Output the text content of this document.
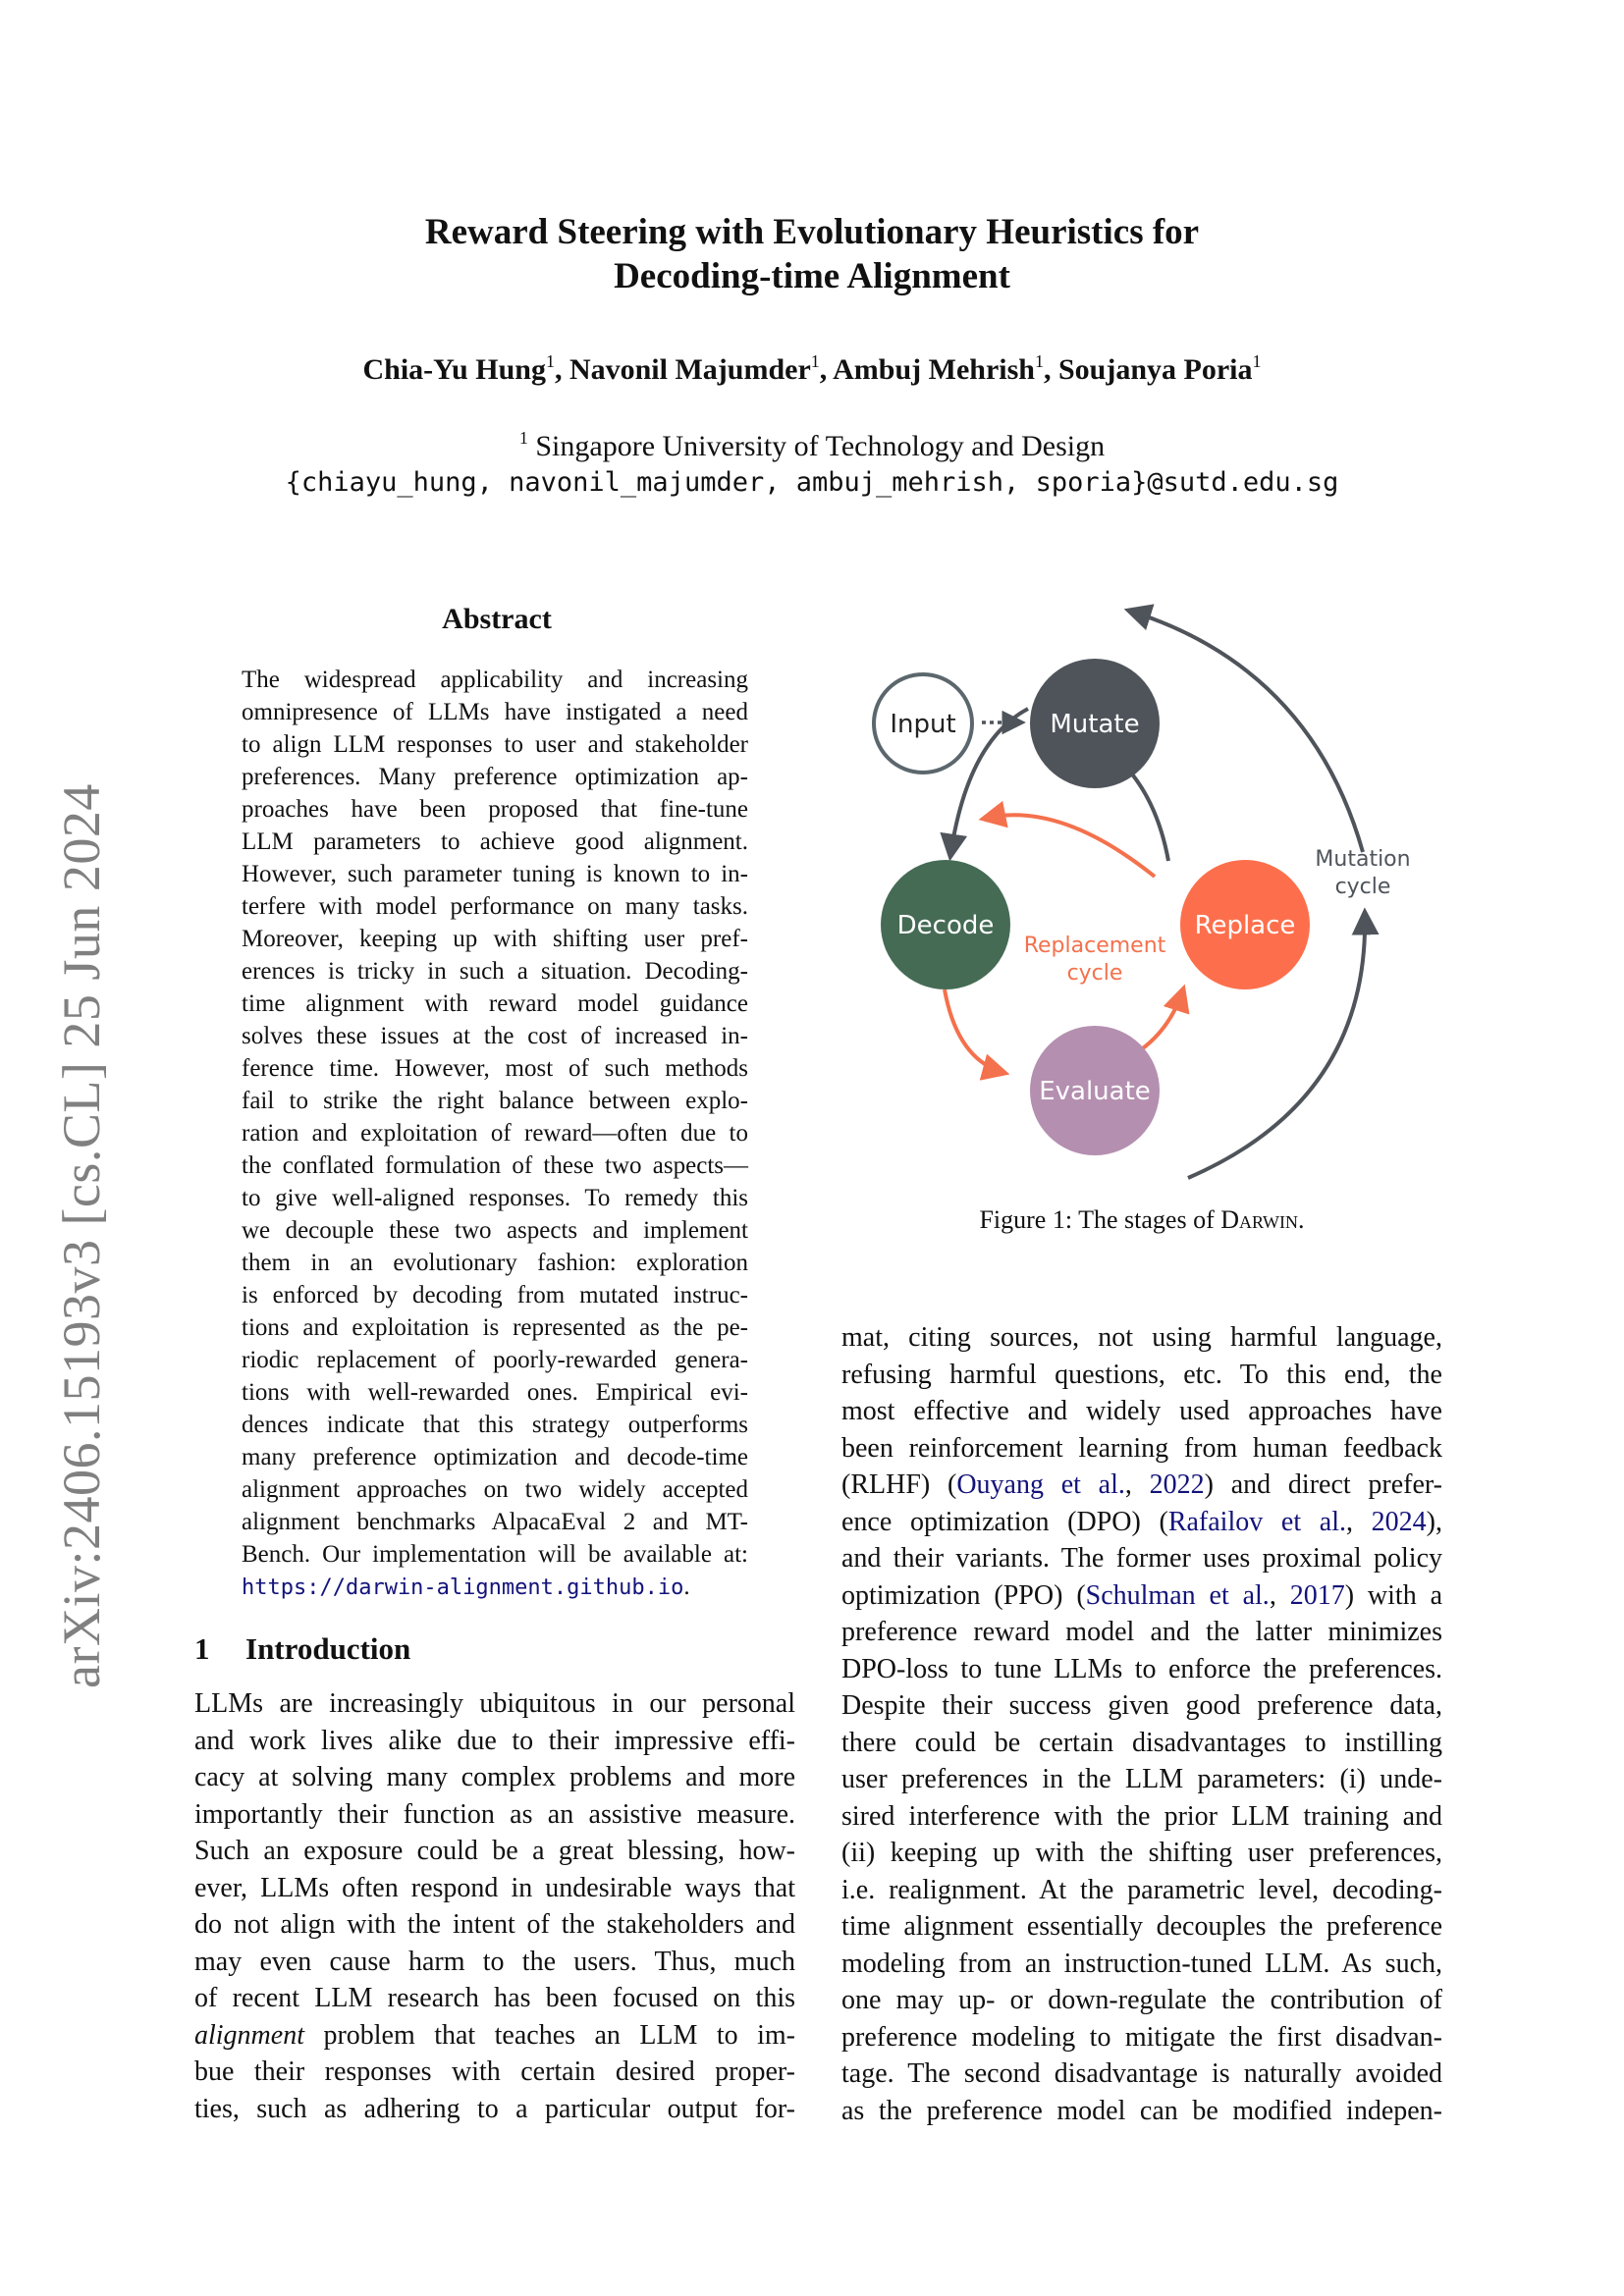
arXiv:2406.15193v3 [cs.CL] 25 Jun 2024
Reward Steering with Evolutionary Heuristics for
Decoding-time Alignment
Chia-Yu Hung$^1$, Navonil Majumder$^1$, Ambuj Mehrish$^1$, Soujanya Poria$^1$
$^1$ Singapore University of Technology and Design
{chiayu_hung, navonil_majumder, ambuj_mehrish, sporia}@sutd.edu.sg
Abstract
The widespread applicability and increasing
omnipresence of LLMs have instigated a need
to align LLM responses to user and stakeholder
preferences. Many preference optimization ap-
proaches have been proposed that fine-tune
LLM parameters to achieve good alignment.
However, such parameter tuning is known to in-
terfere with model performance on many tasks.
Moreover, keeping up with shifting user pref-
erences is tricky in such a situation. Decoding-
time alignment with reward model guidance
solves these issues at the cost of increased in-
ference time. However, most of such methods
fail to strike the right balance between explo-
ration and exploitation of reward—often due to
the conflated formulation of these two aspects—
to give well-aligned responses. To remedy this
we decouple these two aspects and implement
them in an evolutionary fashion: exploration
is enforced by decoding from mutated instruc-
tions and exploitation is represented as the pe-
riodic replacement of poorly-rewarded genera-
tions with well-rewarded ones. Empirical evi-
dences indicate that this strategy outperforms
many preference optimization and decode-time
alignment approaches on two widely accepted
alignment benchmarks AlpacaEval 2 and MT-
Bench. Our implementation will be available at:
https://darwin-alignment.github.io.
1 Introduction
LLMs are increasingly ubiquitous in our personal
and work lives alike due to their impressive effi-
cacy at solving many complex problems and more
importantly their function as an assistive measure.
Such an exposure could be a great blessing, how-
ever, LLMs often respond in undesirable ways that
do not align with the intent of the stakeholders and
may even cause harm to the users. Thus, much
of recent LLM research has been focused on this
alignment problem that teaches an LLM to im-
bue their responses with certain desired proper-
ties, such as adhering to a particular output for-
Input	Mutate
Decode	Replace
Evaluate
Replacement
cycle
Mutation
cycle
Figure 1: The stages of Darwin.
mat, citing sources, not using harmful language,
refusing harmful questions, etc. To this end, the
most effective and widely used approaches have
been reinforcement learning from human feedback
(RLHF) (Ouyang et al., 2022) and direct prefer-
ence optimization (DPO) (Rafailov et al., 2024),
and their variants. The former uses proximal policy
optimization (PPO) (Schulman et al., 2017) with a
preference reward model and the latter minimizes
DPO-loss to tune LLMs to enforce the preferences.
Despite their success given good preference data,
there could be certain disadvantages to instilling
user preferences in the LLM parameters: (i) unde-
sired interference with the prior LLM training and
(ii) keeping up with the shifting user preferences,
i.e. realignment. At the parametric level, decoding-
time alignment essentially decouples the preference
modeling from an instruction-tuned LLM. As such,
one may up- or down-regulate the contribution of
preference modeling to mitigate the first disadvan-
tage. The second disadvantage is naturally avoided
as the preference model can be modified indepen-
